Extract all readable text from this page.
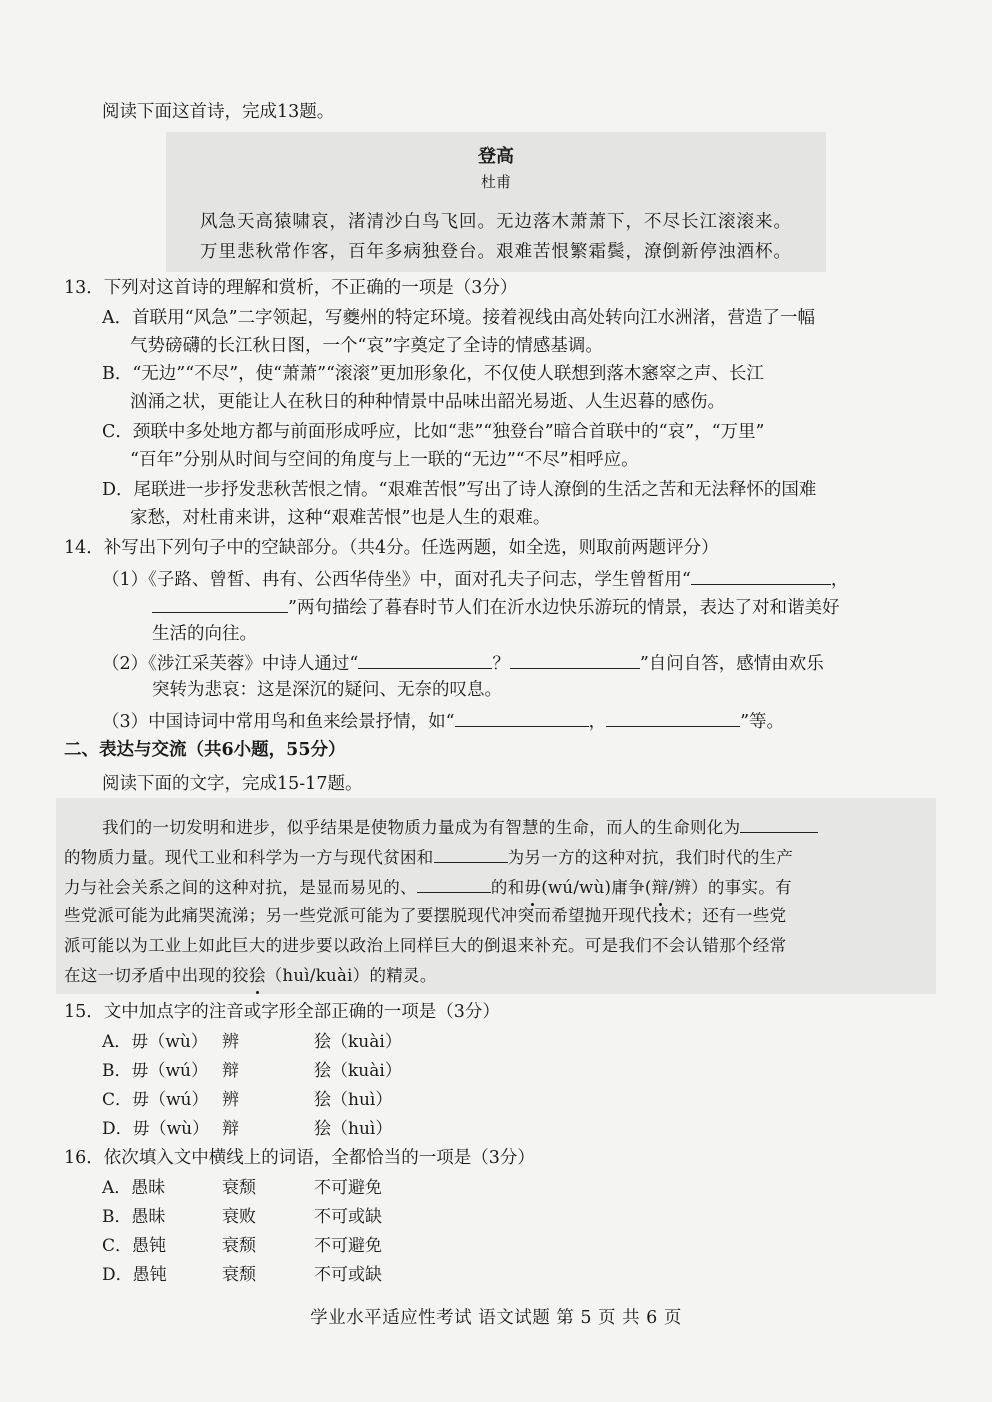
阅读下面这首诗，完成13题。
登高
杜甫
风急天高猿啸哀，渚清沙白鸟飞回。无边落木萧萧下，不尽长江滚滚来。
万里悲秋常作客，百年多病独登台。艰难苦恨繁霜鬓，潦倒新停浊酒杯。
13．下列对这首诗的理解和赏析，不正确的一项是（3分）
A．首联用“风急”二字领起，写夔州的特定环境。接着视线由高处转向江水洲渚，营造了一幅
气势磅礴的长江秋日图，一个“哀”字奠定了全诗的情感基调。
B．“无边”“不尽”，使“萧萧”“滚滚”更加形象化，不仅使人联想到落木窸窣之声、长江
汹涌之状，更能让人在秋日的种种情景中品味出韶光易逝、人生迟暮的感伤。
C．颈联中多处地方都与前面形成呼应，比如“悲”“独登台”暗合首联中的“哀”，“万里”
“百年”分别从时间与空间的角度与上一联的“无边”“不尽”相呼应。
D．尾联进一步抒发悲秋苦恨之情。“艰难苦恨”写出了诗人潦倒的生活之苦和无法释怀的国难
家愁，对杜甫来讲，这种“艰难苦恨”也是人生的艰难。
14．补写出下列句子中的空缺部分。（共4分。任选两题，如全选，则取前两题评分）
（1）《子路、曾皙、冉有、公西华侍坐》中，面对孔夫子问志，学生曾皙用“	，
”两句描绘了暮春时节人们在沂水边快乐游玩的情景，表达了对和谐美好
生活的向往。
（2）《涉江采芙蓉》中诗人通过“	？	”自问自答，感情由欢乐
突转为悲哀：这是深沉的疑问、无奈的叹息。
（3）中国诗词中常用鸟和鱼来绘景抒情，如“	，	”等。
二、表达与交流（共6小题，55分）
阅读下面的文字，完成15-17题。
我们的一切发明和进步，似乎结果是使物质力量成为有智慧的生命，而人的生命则化为
的物质力量。现代工业和科学为一方与现代贫困和	为另一方的这种对抗，我们时代的生产
力与社会关系之间的这种对抗，是显而易见的、	的和毋(wú/wù)庸争(辩/辨）的事实。有
些党派可能为此痛哭流涕；另一些党派可能为了要摆脱现代冲突而希望抛开现代技术；还有一些党
派可能以为工业上如此巨大的进步要以政治上同样巨大的倒退来补充。可是我们不会认错那个经常
在这一切矛盾中出现的狡狯（huì/kuài）的精灵。
15．文中加点字的注音或字形全部正确的一项是（3分）
A．毋（wù） 辨	狯（kuài）
B．毋（wú） 辩	狯（kuài）
C．毋（wú） 辨	狯（huì）
D．毋（wù） 辩	狯（huì）
16．依次填入文中横线上的词语，全都恰当的一项是（3分）
A．愚昧	衰颓	不可避免
B．愚昧	衰败	不可或缺
C．愚钝	衰颓	不可避免
D．愚钝	衰颓	不可或缺
学业水平适应性考试 语文试题 第 5 页 共 6 页
